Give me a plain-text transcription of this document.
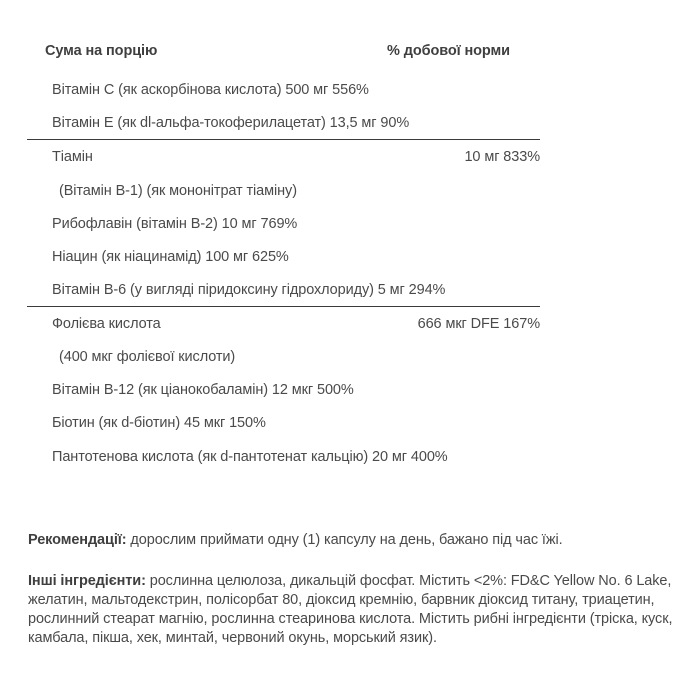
Сума на порцію	% добової норми
Вітамін C (як аскорбінова кислота) 500 мг 556%
Вітамін E (як dl-альфа-токоферилацетат) 13,5 мг 90%
Тіамін	10 мг 833%
(Вітамін B-1) (як мононітрат тіаміну)
Рибофлавін (вітамін B-2) 10 мг 769%
Ніацин (як ніацинамід) 100 мг 625%
Вітамін B-6 (у вигляді піридоксину гідрохлориду) 5 мг 294%
Фолієва кислота	666 мкг DFE 167%
(400 мкг фолієвої кислоти)
Вітамін B-12 (як ціанокобаламін) 12 мкг 500%
Біотин (як d-біотин) 45 мкг 150%
Пантотенова кислота (як d-пантотенат кальцію) 20 мг 400%
Рекомендації: дорослим приймати одну (1) капсулу на день, бажано під час їжі.
Інші інгредієнти: рослинна целюлоза, дикальцій фосфат. Містить <2%: FD&C Yellow No. 6 Lake, желатин, мальтодекстрин, полісорбат 80, діоксид кремнію, барвник діоксид титану, триацетин, рослинний стеарат магнію, рослинна стеаринова кислота. Містить рибні інгредієнти (тріска, куск, камбала, пікша, хек, минтай, червоний окунь, морський язик).
